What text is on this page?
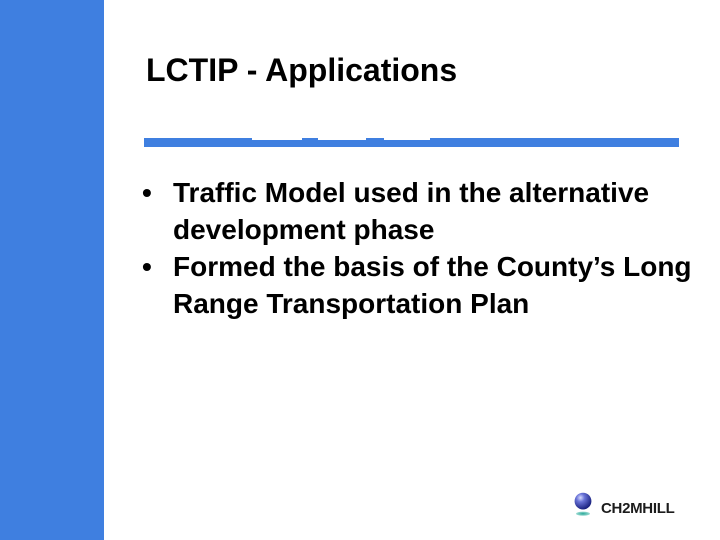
LCTIP - Applications
• Traffic Model used in the alternative development phase
• Formed the basis of the County’s Long Range Transportation Plan
CH2MHILL
